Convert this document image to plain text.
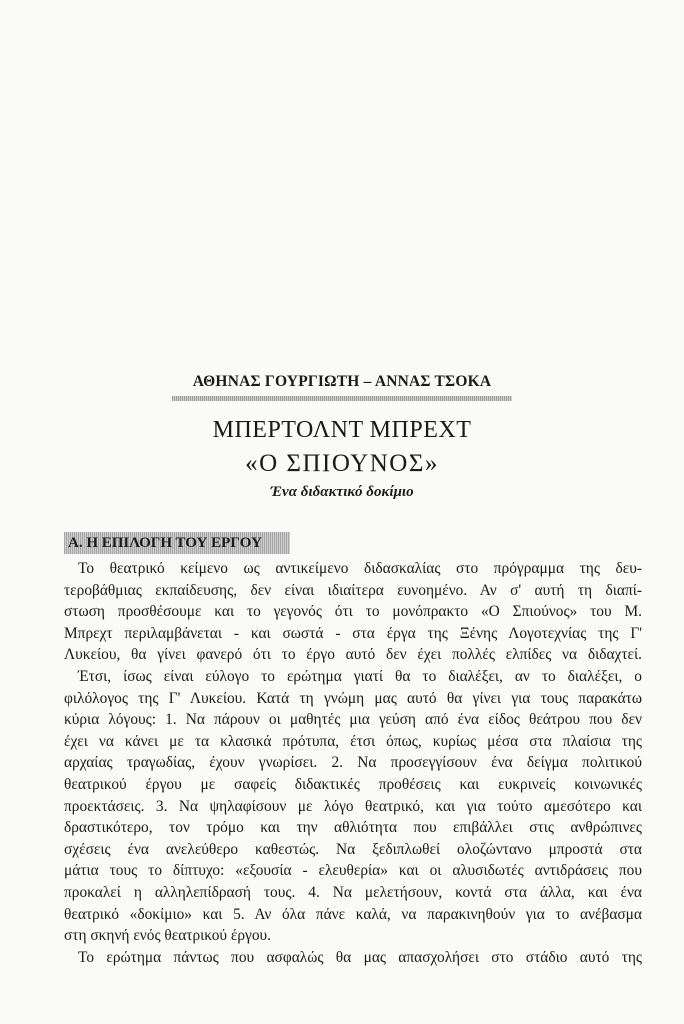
ΑΘΗΝΑΣ ΓΟΥΡΓΙΩΤΗ – ΑΝΝΑΣ ΤΣΟΚΑ
ΜΠΕΡΤΟΛΝΤ ΜΠΡΕΧΤ
«Ο ΣΠΙΟΥΝΟΣ»
Ένα διδακτικό δοκίμιο
Α. Η ΕΠΙΛΟΓΗ ΤΟΥ ΕΡΓΟΥ
Το θεατρικό κείμενο ως αντικείμενο διδασκαλίας στο πρόγραμμα της δευ-
τεροβάθμιας εκπαίδευσης, δεν είναι ιδιαίτερα ευνοημένο. Αν σ' αυτή τη διαπί-
στωση προσθέσουμε και το γεγονός ότι το μονόπρακτο «Ο Σπιούνος» του Μ.
Μπρεχτ περιλαμβάνεται - και σωστά - στα έργα της Ξένης Λογοτεχνίας της Γ'
Λυκείου, θα γίνει φανερό ότι το έργο αυτό δεν έχει πολλές ελπίδες να διδαχτεί.
Έτσι, ίσως είναι εύλογο το ερώτημα γιατί θα το διαλέξει, αν το διαλέξει, ο
φιλόλογος της Γ' Λυκείου. Κατά τη γνώμη μας αυτό θα γίνει για τους παρακάτω
κύρια λόγους: 1. Να πάρουν οι μαθητές μια γεύση από ένα είδος θεάτρου που δεν
έχει να κάνει με τα κλασικά πρότυπα, έτσι όπως, κυρίως μέσα στα πλαίσια της
αρχαίας τραγωδίας, έχουν γνωρίσει. 2. Να προσεγγίσουν ένα δείγμα πολιτικού
θεατρικού έργου με σαφείς διδακτικές προθέσεις και ευκρινείς κοινωνικές
προεκτάσεις. 3. Να ψηλαφίσουν με λόγο θεατρικό, και για τούτο αμεσότερο και
δραστικότερο, τον τρόμο και την αθλιότητα που επιβάλλει στις ανθρώπινες
σχέσεις ένα ανελεύθερο καθεστώς. Να ξεδιπλωθεί ολοζώντανο μπροστά στα
μάτια τους το δίπτυχο: «εξουσία - ελευθερία» και οι αλυσιδωτές αντιδράσεις που
προκαλεί η αλληλεπίδρασή τους. 4. Να μελετήσουν, κοντά στα άλλα, και ένα
θεατρικό «δοκίμιο» και 5. Αν όλα πάνε καλά, να παρακινηθούν για το ανέβασμα
στη σκηνή ενός θεατρικού έργου.
Το ερώτημα πάντως που ασφαλώς θα μας απασχολήσει στο στάδιο αυτό της
